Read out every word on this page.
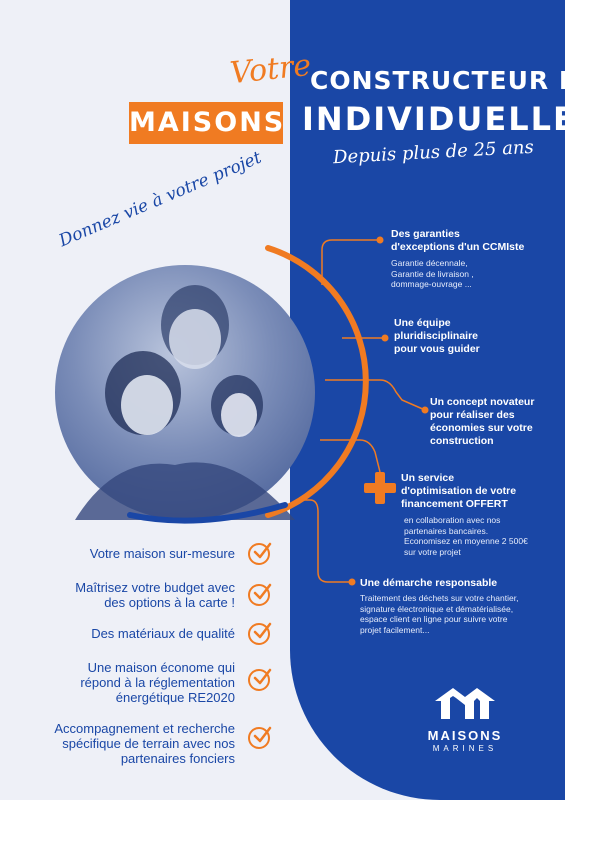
Votre
MAISONS
CONSTRUCTEUR DE
INDIVIDUELLES
Depuis plus de 25 ans
Donnez vie à votre projet	Des garanties
d'exceptions d'un CCMIste
Garantie décennale,
Garantie de livraison ,
dommage-ouvrage ...
Une équipe
pluridisciplinaire
pour vous guider
Un concept novateur
pour réaliser des
économies sur votre
construction
Un service
d'optimisation de votre
financement OFFERT
en collaboration avec nos
partenaires bancaires.
Economisez en moyenne 2 500€
sur votre projet
Une démarche responsable
Traitement des déchets sur votre chantier,
signature électronique et dématérialisée,
espace client en ligne pour suivre votre
projet facilement...
Votre maison sur-mesure
Maîtrisez votre budget avec
des options à la carte !
Des matériaux de qualité
Une maison économe qui
répond à la réglementation
énergétique RE2020
Accompagnement et recherche
spécifique de terrain avec nos
partenaires fonciers
MAISONS
MARINES
